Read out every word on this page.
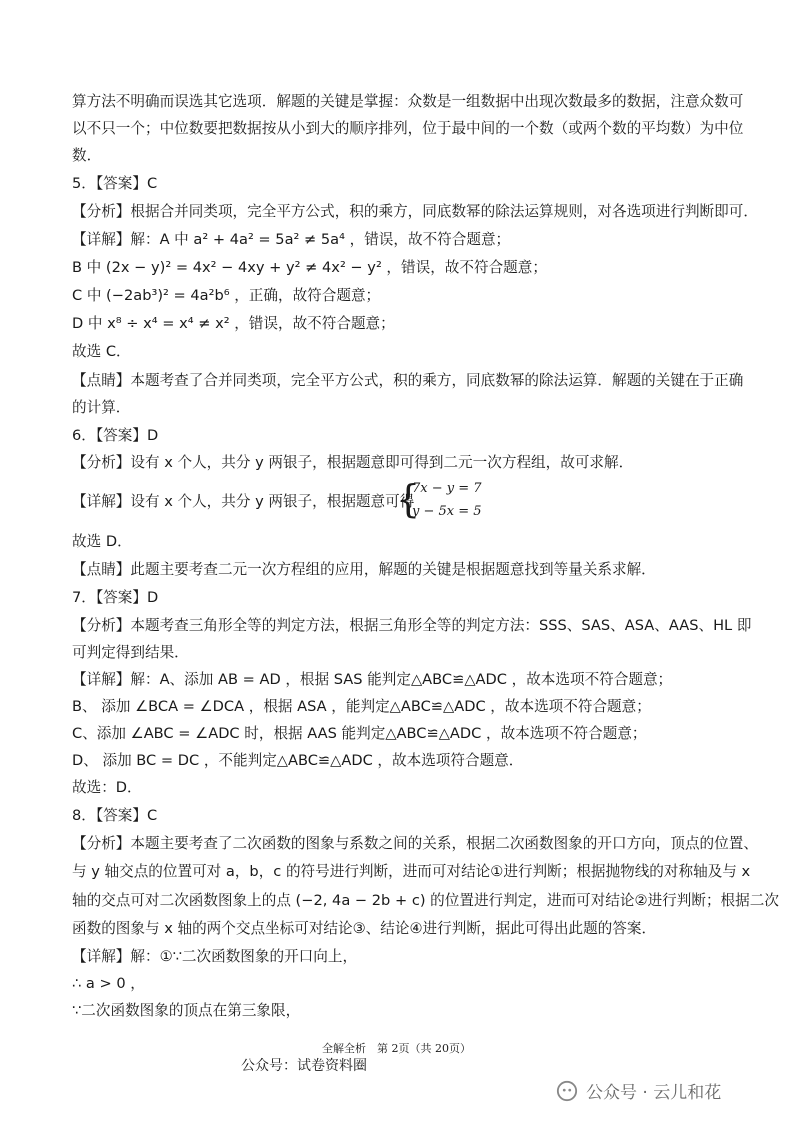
算方法不明确而误选其它选项．解题的关键是掌握：众数是一组数据中出现次数最多的数据，注意众数可
以不只一个；中位数要把数据按从小到大的顺序排列，位于最中间的一个数（或两个数的平均数）为中位
数．
5．【答案】C
【分析】根据合并同类项，完全平方公式，积的乘方，同底数幂的除法运算规则，对各选项进行判断即可．
【详解】解：A 中 a² + 4a² = 5a² ≠ 5a⁴ ，错误，故不符合题意；
B 中 (2x − y)² = 4x² − 4xy + y² ≠ 4x² − y² ，错误，故不符合题意；
C 中 (−2ab³)² = 4a²b⁶ ，正确，故符合题意；
D 中 x⁸ ÷ x⁴ = x⁴ ≠ x² ，错误，故不符合题意；
故选 C．
【点睛】本题考查了合并同类项，完全平方公式，积的乘方，同底数幂的除法运算．解题的关键在于正确
的计算．
6．【答案】D
【分析】设有 x 个人，共分 y 两银子，根据题意即可得到二元一次方程组，故可求解．
【详解】设有 x 个人，共分 y 两银子，根据题意可得
{
7x − y = 7
y − 5x = 5
故选 D．
【点睛】此题主要考查二元一次方程组的应用，解题的关键是根据题意找到等量关系求解．
7．【答案】D
【分析】本题考查三角形全等的判定方法，根据三角形全等的判定方法：SSS、SAS、ASA、AAS、HL 即
可判定得到结果．
【详解】解：A、添加 AB = AD ，根据 SAS 能判定△ABC≌△ADC ，故本选项不符合题意；
B、 添加 ∠BCA = ∠DCA ，根据 ASA ，能判定△ABC≌△ADC ，故本选项不符合题意；
C、添加 ∠ABC = ∠ADC 时，根据 AAS 能判定△ABC≌△ADC ，故本选项不符合题意；
D、 添加 BC = DC ，不能判定△ABC≌△ADC ，故本选项符合题意．
故选：D．
8．【答案】C
【分析】本题主要考查了二次函数的图象与系数之间的关系，根据二次函数图象的开口方向，顶点的位置、
与 y 轴交点的位置可对 a，b，c 的符号进行判断，进而可对结论①进行判断；根据抛物线的对称轴及与 x
轴的交点可对二次函数图象上的点 (−2, 4a − 2b + c) 的位置进行判定，进而可对结论②进行判断；根据二次
函数的图象与 x 轴的两个交点坐标可对结论③、结论④进行判断，据此可得出此题的答案．
【详解】解：①∵二次函数图象的开口向上，
∴ a > 0 ，
∵二次函数图象的顶点在第三象限，
全解全析　第 2页（共 20页）
公众号：试卷资料圈
公众号 · 云儿和花
